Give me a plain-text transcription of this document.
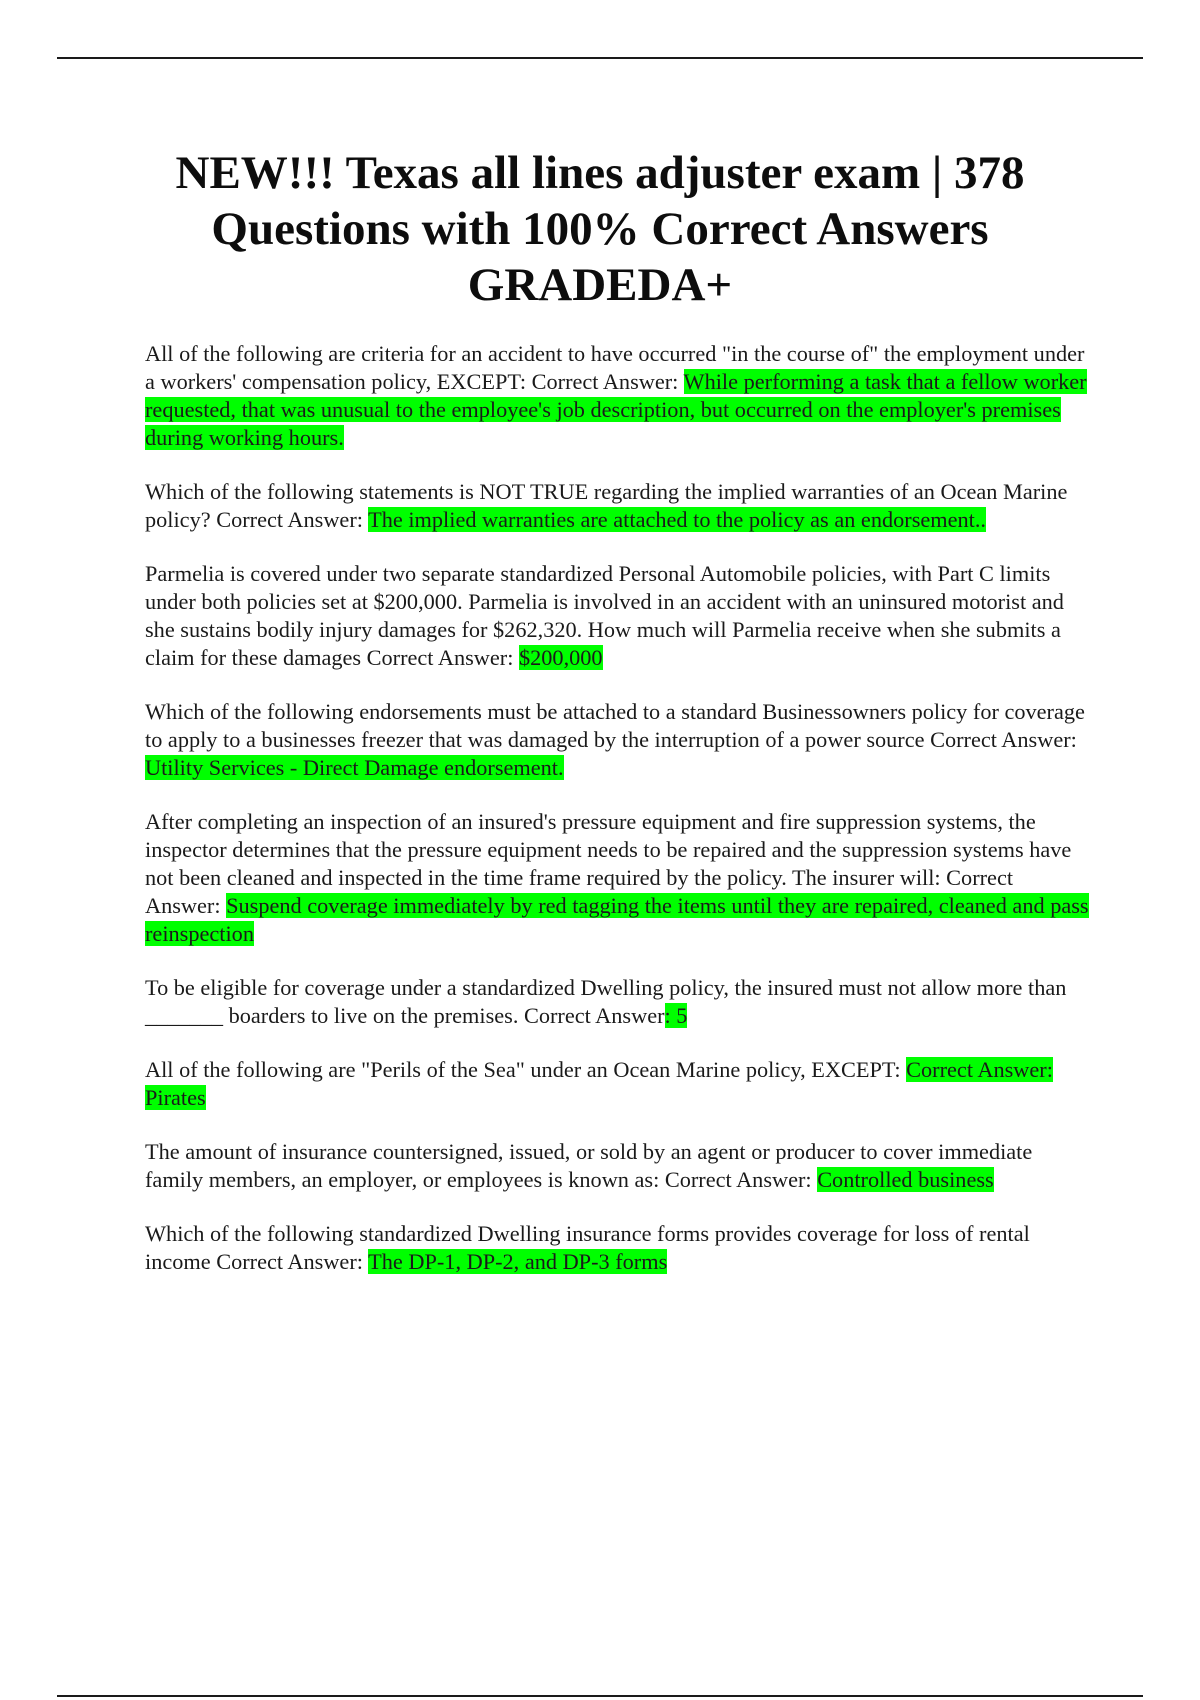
NEW!!! Texas all lines adjuster exam | 378 Questions with 100% Correct Answers GRADEDA+

All of the following are criteria for an accident to have occurred "in the course of" the employment under a workers' compensation policy, EXCEPT: Correct Answer: While performing a task that a fellow worker requested, that was unusual to the employee's job description, but occurred on the employer's premises during working hours.

Which of the following statements is NOT TRUE regarding the implied warranties of an Ocean Marine policy? Correct Answer: The implied warranties are attached to the policy as an endorsement..

Parmelia is covered under two separate standardized Personal Automobile policies, with Part C limits under both policies set at $200,000. Parmelia is involved in an accident with an uninsured motorist and she sustains bodily injury damages for $262,320. How much will Parmelia receive when she submits a claim for these damages Correct Answer: $200,000

Which of the following endorsements must be attached to a standard Businessowners policy for coverage to apply to a businesses freezer that was damaged by the interruption of a power source Correct Answer: Utility Services - Direct Damage endorsement.

After completing an inspection of an insured's pressure equipment and fire suppression systems, the inspector determines that the pressure equipment needs to be repaired and the suppression systems have not been cleaned and inspected in the time frame required by the policy. The insurer will: Correct Answer: Suspend coverage immediately by red tagging the items until they are repaired, cleaned and pass reinspection

To be eligible for coverage under a standardized Dwelling policy, the insured must not allow more than _______ boarders to live on the premises. Correct Answer: 5

All of the following are "Perils of the Sea" under an Ocean Marine policy, EXCEPT: Correct Answer: Pirates

The amount of insurance countersigned, issued, or sold by an agent or producer to cover immediate family members, an employer, or employees is known as: Correct Answer: Controlled business

Which of the following standardized Dwelling insurance forms provides coverage for loss of rental income Correct Answer: The DP-1, DP-2, and DP-3 forms
